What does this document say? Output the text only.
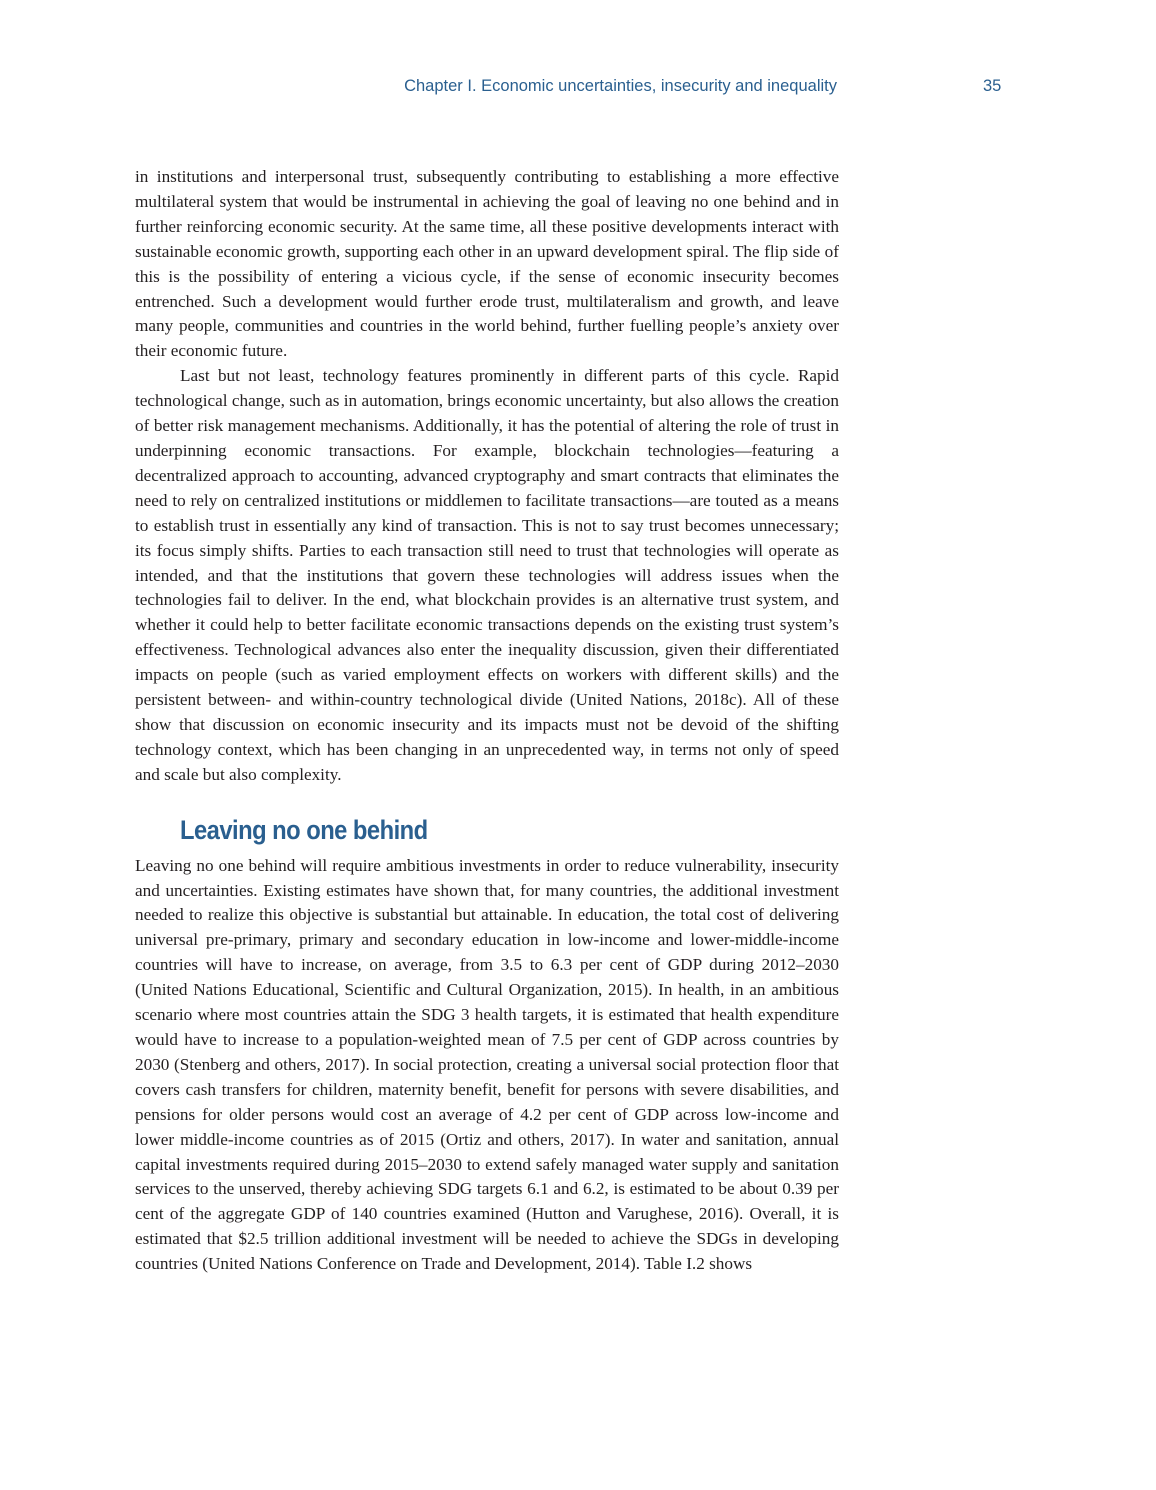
Chapter I. Economic uncertainties, insecurity and inequality	35

in institutions and interpersonal trust, subsequently contributing to establishing a more effective multilateral system that would be instrumental in achieving the goal of leaving no one behind and in further reinforcing economic security. At the same time, all these positive developments interact with sustainable economic growth, supporting each other in an upward development spiral. The flip side of this is the possibility of entering a vicious cycle, if the sense of economic insecurity becomes entrenched. Such a development would further erode trust, multilateralism and growth, and leave many people, communities and countries in the world behind, further fuelling people’s anxiety over their economic future.

Last but not least, technology features prominently in different parts of this cycle. Rapid technological change, such as in automation, brings economic uncertainty, but also allows the creation of better risk management mechanisms. Additionally, it has the potential of altering the role of trust in underpinning economic transactions. For example, blockchain technologies—featuring a decentralized approach to accounting, advanced cryptography and smart contracts that eliminates the need to rely on centralized institutions or middlemen to facilitate transactions—are touted as a means to establish trust in essentially any kind of transaction. This is not to say trust becomes unnecessary; its focus simply shifts. Parties to each transaction still need to trust that technologies will operate as intended, and that the institutions that govern these technologies will address issues when the technologies fail to deliver. In the end, what blockchain provides is an alternative trust system, and whether it could help to better facilitate economic transactions depends on the existing trust system’s effectiveness. Technological advances also enter the inequality discussion, given their differentiated impacts on people (such as varied employment effects on workers with different skills) and the persistent between- and within-country technological divide (United Nations, 2018c). All of these show that discussion on economic insecurity and its impacts must not be devoid of the shifting technology context, which has been changing in an unprecedented way, in terms not only of speed and scale but also complexity.

Leaving no one behind

Leaving no one behind will require ambitious investments in order to reduce vulnerability, insecurity and uncertainties. Existing estimates have shown that, for many countries, the additional investment needed to realize this objective is substantial but attainable. In education, the total cost of delivering universal pre-primary, primary and secondary education in low-income and lower-middle-income countries will have to increase, on average, from 3.5 to 6.3 per cent of GDP during 2012–2030 (United Nations Educational, Scientific and Cultural Organization, 2015). In health, in an ambitious scenario where most countries attain the SDG 3 health targets, it is estimated that health expenditure would have to increase to a population-weighted mean of 7.5 per cent of GDP across countries by 2030 (Stenberg and others, 2017). In social protection, creating a universal social protection floor that covers cash transfers for children, maternity benefit, benefit for persons with severe disabilities, and pensions for older persons would cost an average of 4.2 per cent of GDP across low-income and lower middle-income countries as of 2015 (Ortiz and others, 2017). In water and sanitation, annual capital investments required during 2015–2030 to extend safely managed water supply and sanitation services to the unserved, thereby achieving SDG targets 6.1 and 6.2, is estimated to be about 0.39 per cent of the aggregate GDP of 140 countries examined (Hutton and Varughese, 2016). Overall, it is estimated that $2.5 trillion additional investment will be needed to achieve the SDGs in developing countries (United Nations Conference on Trade and Development, 2014). Table I.2 shows
